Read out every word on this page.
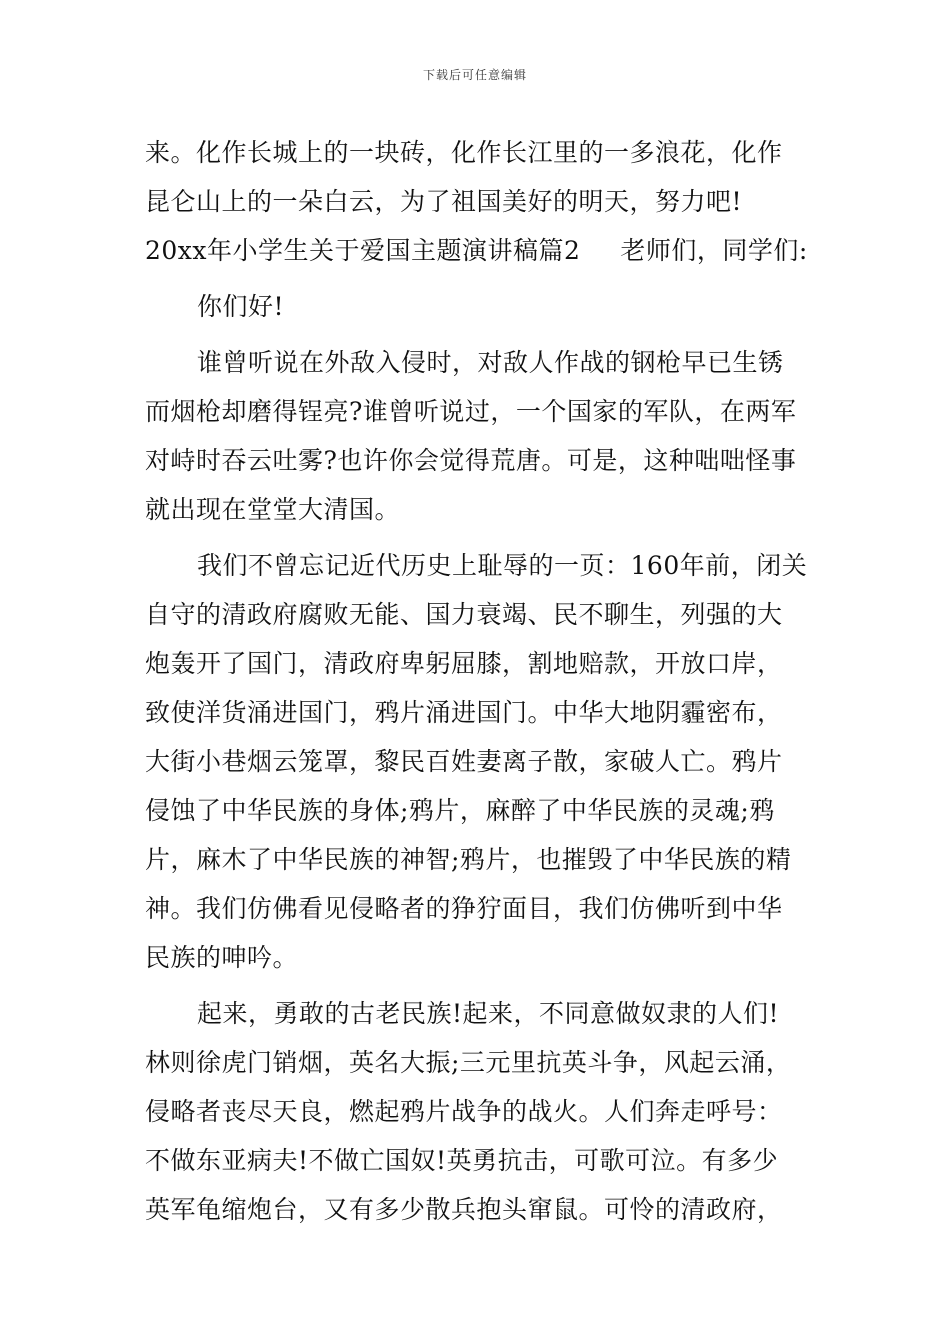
下载后可任意编辑
来。化作长城上的一块砖，化作长江里的一多浪花，化作
昆仑山上的一朵白云，为了祖国美好的明天，努力吧!
20xx年小学生关于爱国主题演讲稿篇2 老师们，同学们:
你们好!
谁曾听说在外敌入侵时，对敌人作战的钢枪早已生锈
而烟枪却磨得锃亮?谁曾听说过，一个国家的军队，在两军
对峙时吞云吐雾?也许你会觉得荒唐。可是，这种咄咄怪事
就出现在堂堂大清国。
我们不曾忘记近代历史上耻辱的一页：160年前，闭关
自守的清政府腐败无能、国力衰竭、民不聊生，列强的大
炮轰开了国门，清政府卑躬屈膝，割地赔款，开放口岸，
致使洋货涌进国门，鸦片涌进国门。中华大地阴霾密布，
大街小巷烟云笼罩，黎民百姓妻离子散，家破人亡。鸦片
侵蚀了中华民族的身体;鸦片，麻醉了中华民族的灵魂;鸦
片，麻木了中华民族的神智;鸦片，也摧毁了中华民族的精
神。我们仿佛看见侵略者的狰狞面目，我们仿佛听到中华
民族的呻吟。
起来，勇敢的古老民族!起来，不同意做奴隶的人们!
林则徐虎门销烟，英名大振;三元里抗英斗争，风起云涌，
侵略者丧尽天良，燃起鸦片战争的战火。人们奔走呼号：
不做东亚病夫!不做亡国奴!英勇抗击，可歌可泣。有多少
英军龟缩炮台，又有多少散兵抱头窜鼠。可怜的清政府，
